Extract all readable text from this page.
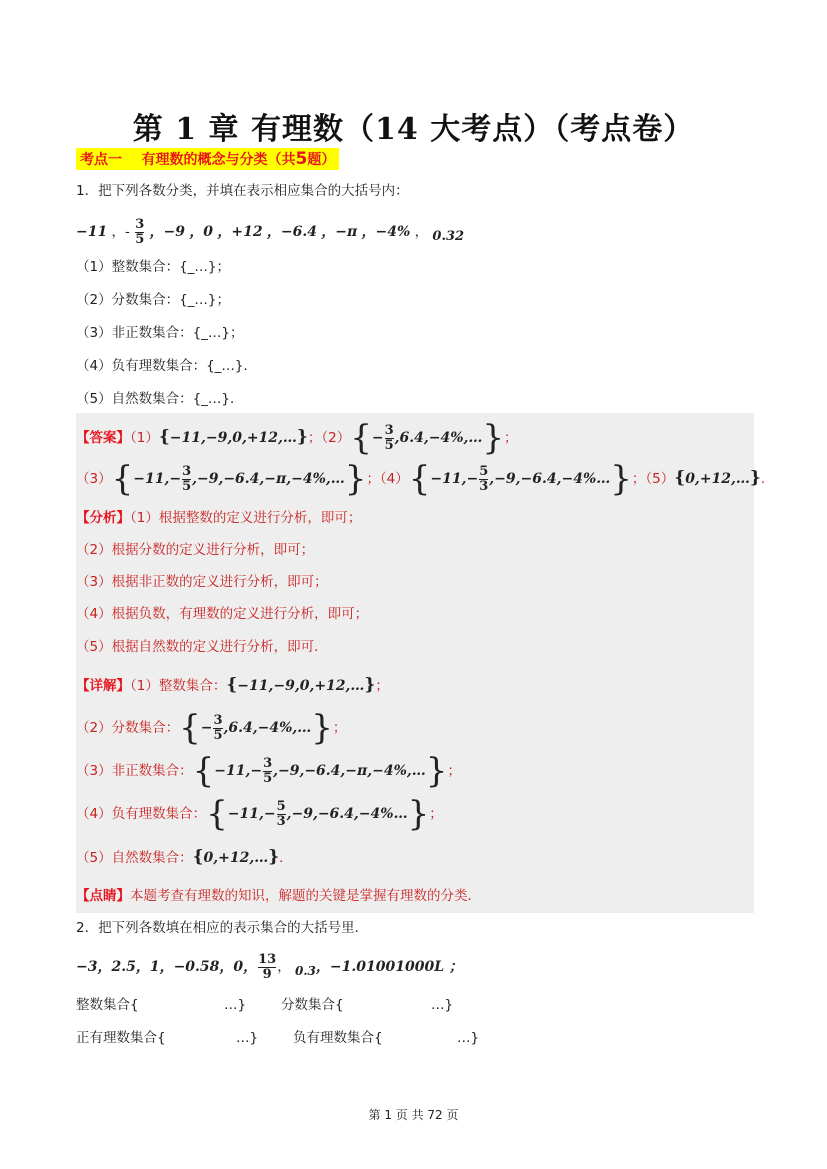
第 1 章 有理数（14 大考点）（考点卷）
考点一 有理数的概念与分类（共5题）
1．把下列各数分类，并填在表示相应集合的大括号内：
−11 ，- $\frac{3}{5}$ ，−9 ，0 ，+12 ，−6.4 ，−π ，−4% ， 0.32
（1）整数集合：{_…}；
（2）分数集合：{_…}；
（3）非正数集合：{_…}；
（4）负有理数集合：{_…}．
（5）自然数集合：{_…}．
【答案】（1）{−11,−9,0,+12,…}；$(2)\{- \frac{3}{5}$ ,6.4,−4%,…}；
$(3)\{-11,- \frac{3}{5}$ ,−9,−6.4,−π,−4%,…}；$(4)\{-11,- \frac{5}{3}$ ,−9,−6.4,−4%…}；（5）{0,+12,…}．
【分析】（1）根据整数的定义进行分析，即可；
（2）根据分数的定义进行分析，即可；
（3）根据非正数的定义进行分析，即可；
（4）根据负数，有理数的定义进行分析，即可；
（5）根据自然数的定义进行分析，即可．
【详解】（1）整数集合：{−11,−9,0,+12,…}；
（2）分数集合：{− $\frac{3}{5}$ ,6.4,−4%,…}；
（3）非正数集合：{$-11,- \frac{3}{5}$ ,−9,−6.4,−π,−4%,…}；
（4）负有理数集合：{$-11,- \frac{5}{3}$ ,−9,−6.4,−4%…}；
（5）自然数集合：{0,+12,…}．
【点睛】本题考查有理数的知识，解题的关键是掌握有理数的分类．
2．把下列各数填在相应的表示集合的大括号里．
−3，2.5，1，−0.58，0， $\frac{13}{9}$ ， 0.3，−1.01001000L ；
整数集合{	…}	分数集合{	…}
正有理数集合{	…}	负有理数集合{	…}
第 1 页 共 72 页
